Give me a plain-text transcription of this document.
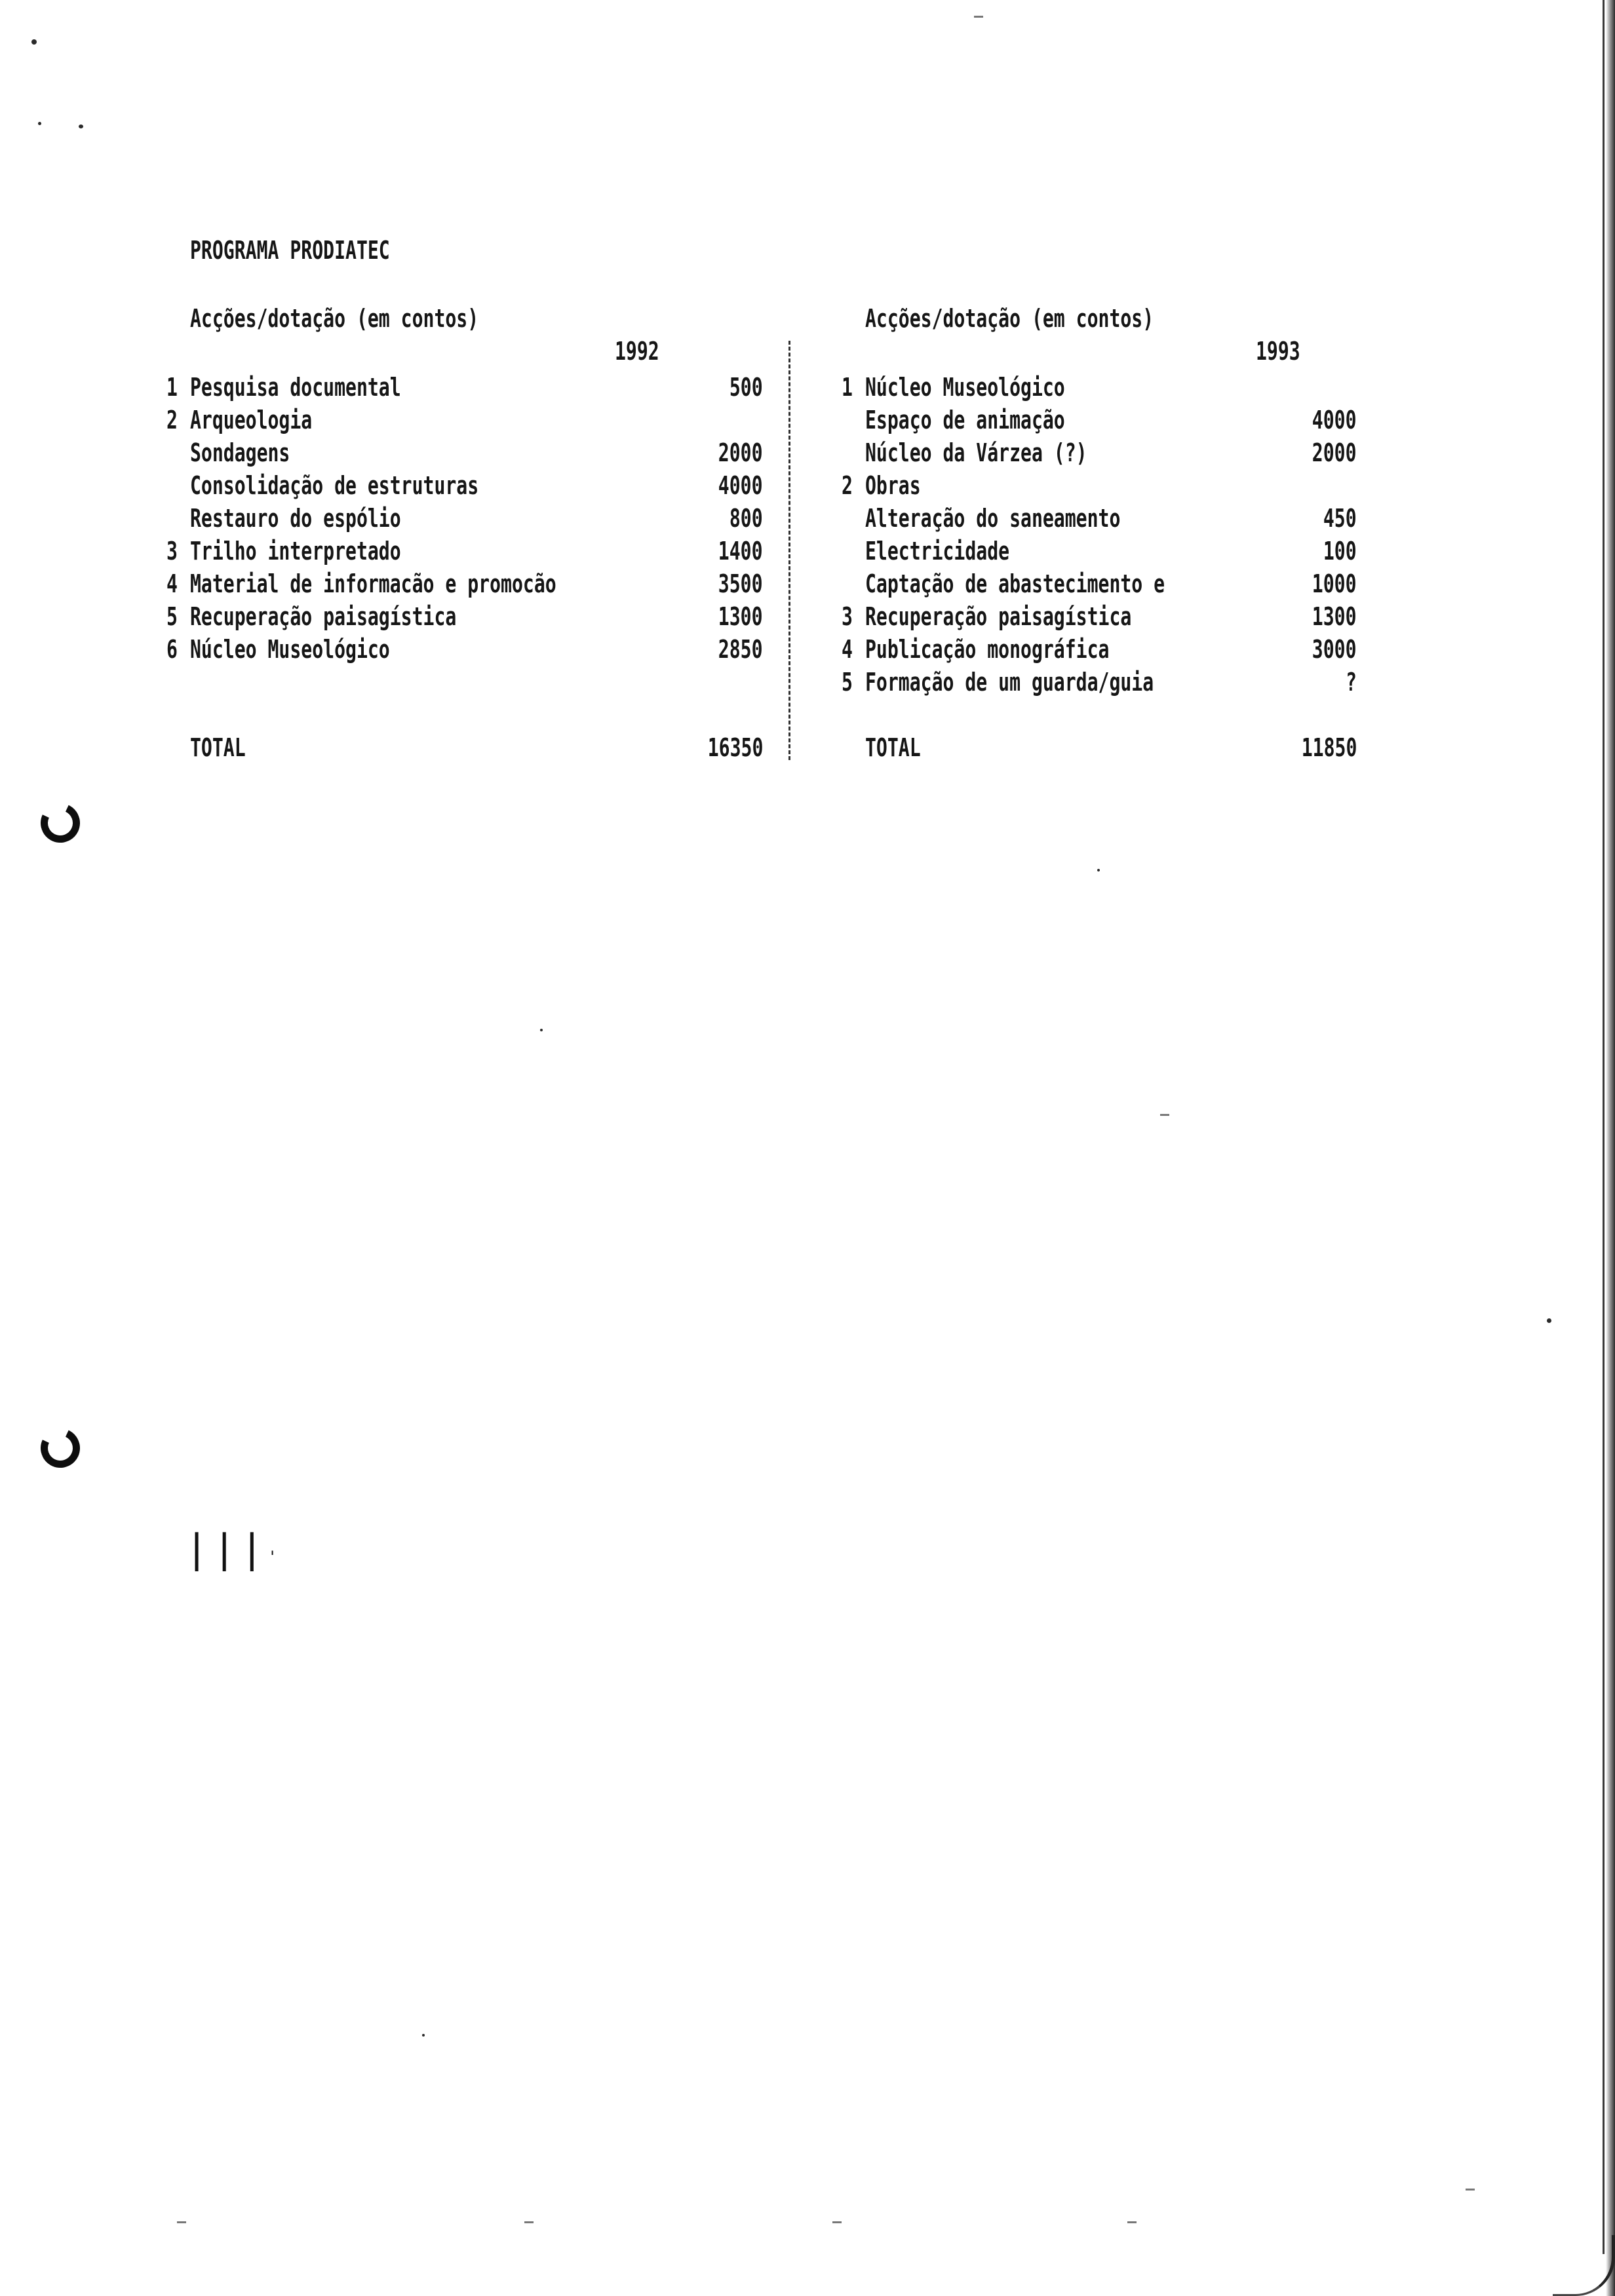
|||'
PROGRAMA PRODIATEC
Acções/dotação (em contos)
1992
Acções/dotação (em contos)
1993
1 Pesquisa documental	500
2 Arqueologia
Sondagens	2000
Consolidação de estruturas	4000
Restauro do espólio	800
3 Trilho interpretado	1400
4 Material de informacão e promocão	3500
5 Recuperação paisagística	1300
6 Núcleo Museológico	2850
TOTAL	16350
1 Núcleo Museológico
Espaço de animação	4000
Núcleo da Várzea (?)	2000
2 Obras
Alteração do saneamento	450
Electricidade	100
Captação de abastecimento e	1000
3 Recuperação paisagística	1300
4 Publicação monográfica	3000
5 Formação de um guarda/guia	?
TOTAL	11850
